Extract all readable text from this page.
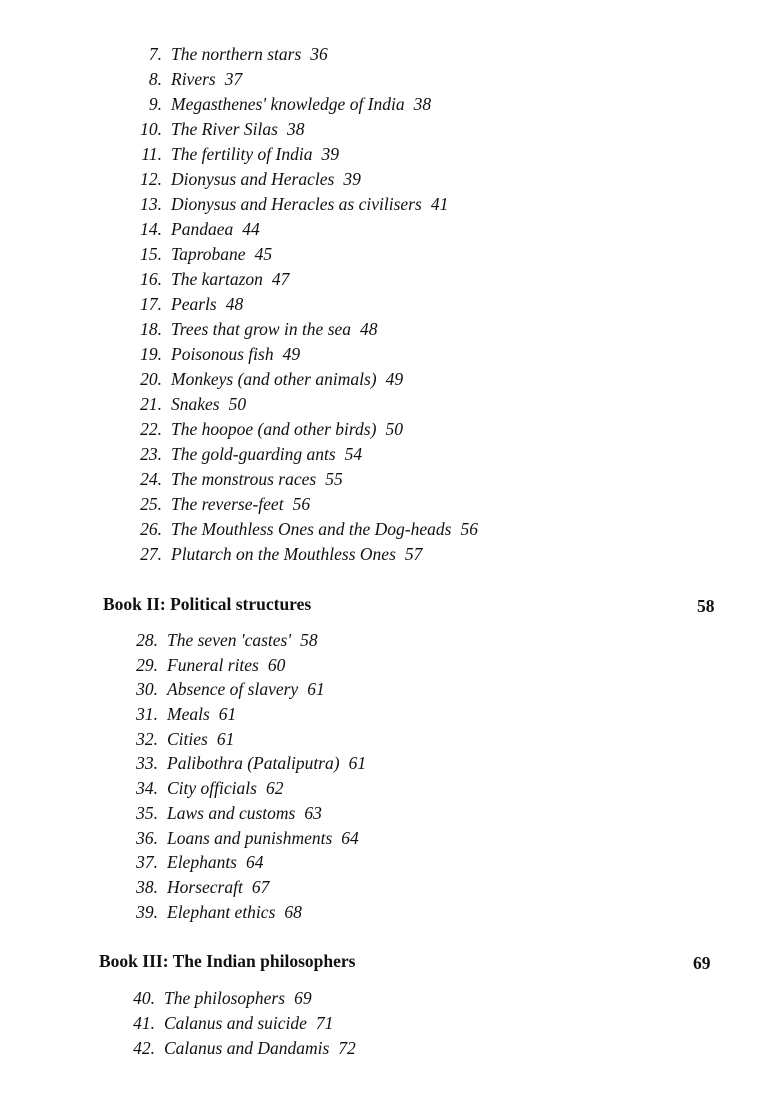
7. The northern stars 36
8. Rivers 37
9. Megasthenes' knowledge of India 38
10. The River Silas 38
11. The fertility of India 39
12. Dionysus and Heracles 39
13. Dionysus and Heracles as civilisers 41
14. Pandaea 44
15. Taprobane 45
16. The kartazon 47
17. Pearls 48
18. Trees that grow in the sea 48
19. Poisonous fish 49
20. Monkeys (and other animals) 49
21. Snakes 50
22. The hoopoe (and other birds) 50
23. The gold-guarding ants 54
24. The monstrous races 55
25. The reverse-feet 56
26. The Mouthless Ones and the Dog-heads 56
27. Plutarch on the Mouthless Ones 57
Book II: Political structures	58
28. The seven 'castes' 58
29. Funeral rites 60
30. Absence of slavery 61
31. Meals 61
32. Cities 61
33. Palibothra (Pataliputra) 61
34. City officials 62
35. Laws and customs 63
36. Loans and punishments 64
37. Elephants 64
38. Horsecraft 67
39. Elephant ethics 68
Book III: The Indian philosophers	69
40. The philosophers 69
41. Calanus and suicide 71
42. Calanus and Dandamis 72
